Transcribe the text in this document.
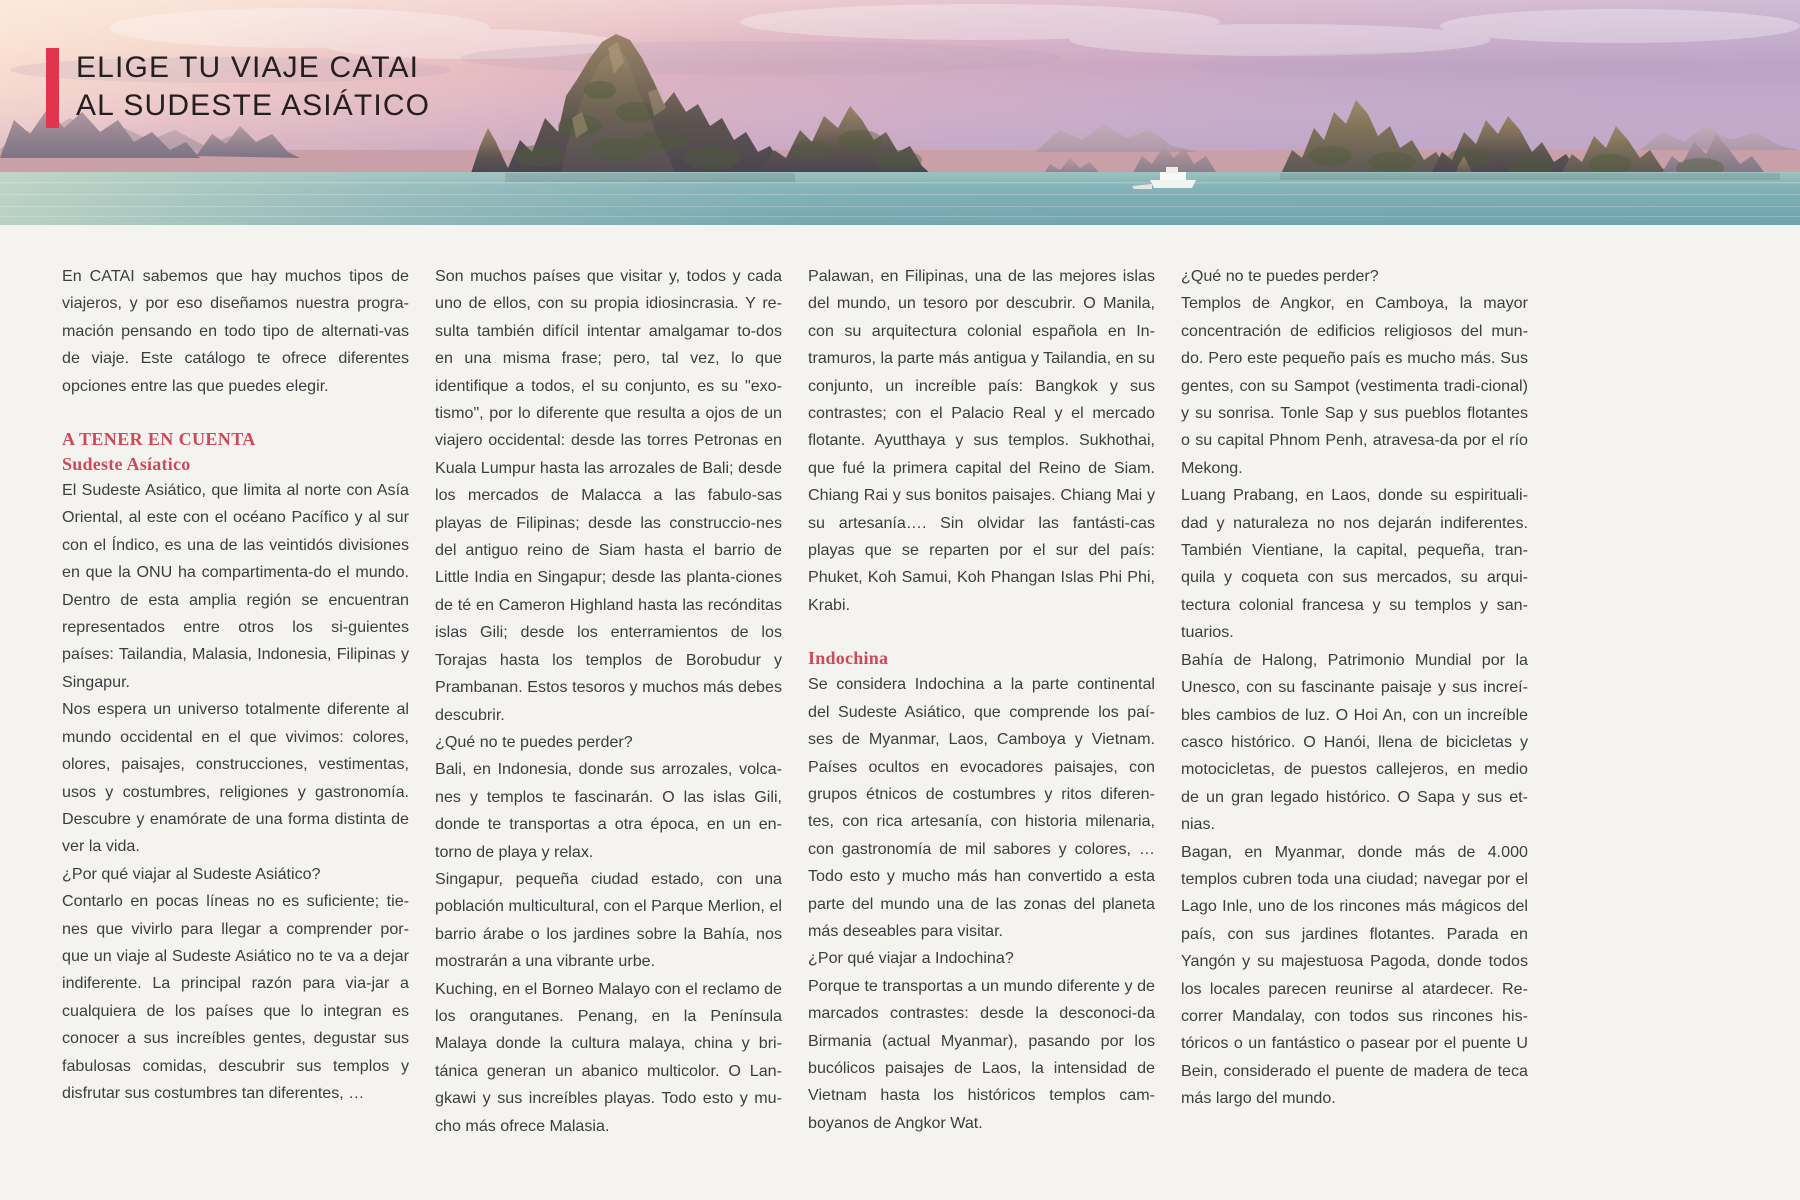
ELIGE TU VIAJE CATAI
AL SUDESTE ASIÁTICO

En CATAI sabemos que hay muchos tipos de viajeros, y por eso diseñamos nuestra progra-mación pensando en todo tipo de alternati-vas de viaje. Este catálogo te ofrece diferentes opciones entre las que puedes elegir.

A TENER EN CUENTA
Sudeste Asíatico

El Sudeste Asiático, que limita al norte con Asía Oriental, al este con el océano Pacífico y al sur con el Índico, es una de las veintidós divisiones en que la ONU ha compartimenta-do el mundo. Dentro de esta amplia región se encuentran representados entre otros los si-guientes países: Tailandia, Malasia, Indonesia, Filipinas y Singapur.

Nos espera un universo totalmente diferente al mundo occidental en el que vivimos: colores, olores, paisajes, construcciones, vestimentas, usos y costumbres, religiones y gastronomía. Descubre y enamórate de una forma distinta de ver la vida.

¿Por qué viajar al Sudeste Asiático?

Contarlo en pocas líneas no es suficiente; tie-nes que vivirlo para llegar a comprender por-que un viaje al Sudeste Asiático no te va a dejar indiferente. La principal razón para via-jar a cualquiera de los países que lo integran es conocer a sus increíbles gentes, degustar sus fabulosas comidas, descubrir sus templos y disfrutar sus costumbres tan diferentes, …

Son muchos países que visitar y, todos y cada uno de ellos, con su propia idiosincrasia. Y re-sulta también difícil intentar amalgamar to-dos en una misma frase; pero, tal vez, lo que identifique a todos, el su conjunto, es su "exo-tismo", por lo diferente que resulta a ojos de un viajero occidental: desde las torres Petronas en Kuala Lumpur hasta las arrozales de Bali; desde los mercados de Malacca a las fabulo-sas playas de Filipinas; desde las construccio-nes del antiguo reino de Siam hasta el barrio de Little India en Singapur; desde las planta-ciones de té en Cameron Highland hasta las recónditas islas Gili; desde los enterramientos de los Torajas hasta los templos de Borobudur y Prambanan. Estos tesoros y muchos más debes descubrir.

¿Qué no te puedes perder?

Bali, en Indonesia, donde sus arrozales, volca-nes y templos te fascinarán. O las islas Gili, donde te transportas a otra época, en un en-torno de playa y relax.

Singapur, pequeña ciudad estado, con una población multicultural, con el Parque Merlion, el barrio árabe o los jardines sobre la Bahía, nos mostrarán a una vibrante urbe.

Kuching, en el Borneo Malayo con el reclamo de los orangutanes. Penang, en la Península Malaya donde la cultura malaya, china y bri-tánica generan un abanico multicolor. O Lan-gkawi y sus increíbles playas. Todo esto y mu-cho más ofrece Malasia.

Palawan, en Filipinas, una de las mejores islas del mundo, un tesoro por descubrir. O Manila, con su arquitectura colonial española en In-tramuros, la parte más antigua y Tailandia, en su conjunto, un increíble país: Bangkok y sus contrastes; con el Palacio Real y el mercado flotante. Ayutthaya y sus templos. Sukhothai, que fué la primera capital del Reino de Siam. Chiang Rai y sus bonitos paisajes. Chiang Mai y su artesanía…. Sin olvidar las fantásti-cas playas que se reparten por el sur del país: Phuket, Koh Samui, Koh Phangan Islas Phi Phi, Krabi.

Indochina

Se considera Indochina a la parte continental del Sudeste Asiático, que comprende los paí-ses de Myanmar, Laos, Camboya y Vietnam. Países ocultos en evocadores paisajes, con grupos étnicos de costumbres y ritos diferen-tes, con rica artesanía, con historia milenaria, con gastronomía de mil sabores y colores, … Todo esto y mucho más han convertido a esta parte del mundo una de las zonas del planeta más deseables para visitar.

¿Por qué viajar a Indochina?

Porque te transportas a un mundo diferente y de marcados contrastes: desde la desconoci-da Birmania (actual Myanmar), pasando por los bucólicos paisajes de Laos, la intensidad de Vietnam hasta los históricos templos cam-boyanos de Angkor Wat.

¿Qué no te puedes perder?

Templos de Angkor, en Camboya, la mayor concentración de edificios religiosos del mun-do. Pero este pequeño país es mucho más. Sus gentes, con su Sampot (vestimenta tradi-cional) y su sonrisa. Tonle Sap y sus pueblos flotantes o su capital Phnom Penh, atravesa-da por el río Mekong.

Luang Prabang, en Laos, donde su espirituali-dad y naturaleza no nos dejarán indiferentes. También Vientiane, la capital, pequeña, tran-quila y coqueta con sus mercados, su arqui-tectura colonial francesa y su templos y san-tuarios.

Bahía de Halong, Patrimonio Mundial por la Unesco, con su fascinante paisaje y sus increí-bles cambios de luz. O Hoi An, con un increíble casco histórico. O Hanói, llena de bicicletas y motocicletas, de puestos callejeros, en medio de un gran legado histórico. O Sapa y sus et-nias.

Bagan, en Myanmar, donde más de 4.000 templos cubren toda una ciudad; navegar por el Lago Inle, uno de los rincones más mágicos del país, con sus jardines flotantes. Parada en Yangón y su majestuosa Pagoda, donde todos los locales parecen reunirse al atardecer. Re-correr Mandalay, con todos sus rincones his-tóricos o un fantástico o pasear por el puente U Bein, considerado el puente de madera de teca más largo del mundo.
